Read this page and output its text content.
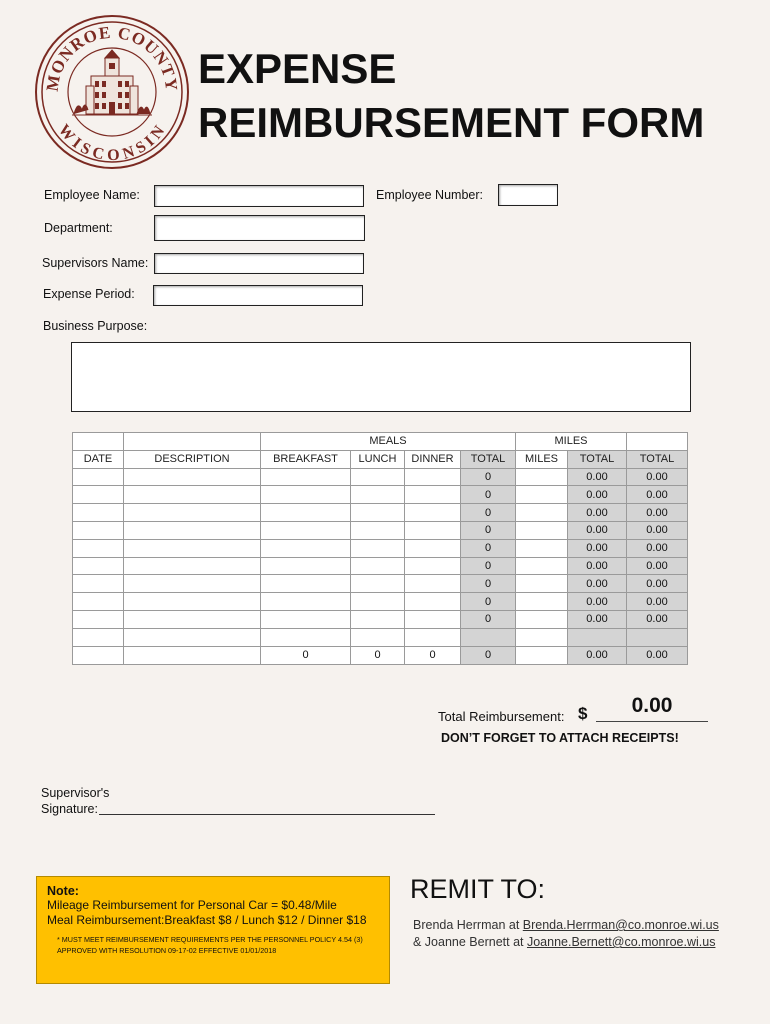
MONROE COUNTY
WISCONSIN
EXPENSE
REIMBURSEMENT FORM
Employee Name:	Employee Number:
Department:
Supervisors Name:
Expense Period:
Business Purpose:
		MEALS				MILES		
DATE	DESCRIPTION	BREAKFAST	LUNCH	DINNER	TOTAL	MILES	TOTAL	TOTAL
					0		0.00	0.00
					0		0.00	0.00
					0		0.00	0.00
					0		0.00	0.00
					0		0.00	0.00
					0		0.00	0.00
					0		0.00	0.00
					0		0.00	0.00
					0		0.00	0.00

		0	0	0	0		0.00	0.00
Total Reimbursement: $	0.00
DON’T FORGET TO ATTACH RECEIPTS!
Supervisor's
Signature:
Note:
Mileage Reimbursement for Personal Car = $0.48/Mile
Meal Reimbursement:Breakfast $8 / Lunch $12 / Dinner $18
* MUST MEET REIMBURSEMENT REQUIREMENTS PER THE PERSONNEL POLICY 4.54 (3)
APPROVED WITH RESOLUTION 09-17-02 EFFECTIVE 01/01/2018
REMIT TO:
Brenda Herrman at Brenda.Herrman@co.monroe.wi.us
& Joanne Bernett at Joanne.Bernett@co.monroe.wi.us
